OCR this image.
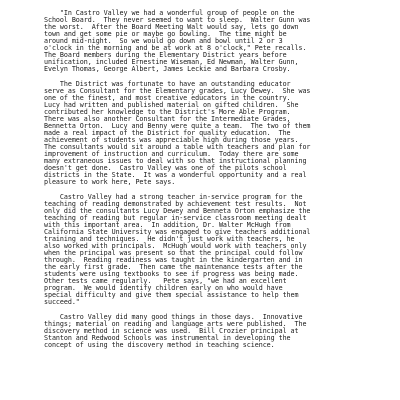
"In Castro Valley we had a wonderful group of people on the
School Board.  They never seemed to want to sleep.  Walter Gunn was
the worst.  After the Board Meeting Walt would say, lets go down
town and get some pie or maybe go bowling.  The time might be
around mid-night.  So we would go down and bowl until 2 or 3
o'clock in the morning and be at work at 8 o'clock," Pete recalls.
The Board members during the Elementary District years before
unification, included Ernestine Wiseman, Ed Newman, Walter Gunn,
Evelyn Thomas, George Albert, James Leckie and Barbara Crosby.
The District was fortunate to have an outstanding educator
serve as Consultant for the Elementary grades, Lucy Dewey.  She was
one of the finest, and most creative educators in the country.
Lucy had written and published material on gifted children.  She
contributed her knowledge to the District's More Able Program.
There was also another Consultant for the Intermediate Grades,
Bennetta Orton.  Lucy and Benny were quite a team.  The two of them
made a real impact of the District for quality education.  The
achievement of students was appreciable high during those years.
The consultants would sit around a table with teachers and plan for
improvement of instruction and curriculum.  Today there are some
many extraneous issues to deal with so that instructional planning
doesn't get done.  Castro Valley was one of the pilots school
districts in the State.  It was a wonderful opportunity and a real
pleasure to work here, Pete says.
Castro Valley had a strong teacher in-service program for the
teaching of reading demonstrated by achievement test results.  Not
only did the consultants Lucy Dewey and Benneta Orton emphasize the
teaching of reading but regular in-service classroom meeting dealt
with this important area.  In addition, Dr. Walter McHugh from
California State University was engaged to give teachers additional
training and techniques.  He didn't just work with teachers, he
also worked with principals.  McHugh would work with teachers only
when the principal was present so that the principal could follow
through.  Reading readiness was taught in the kindergarten and in
the early first grade.  Then came the maintenance tests after the
students were using textbooks to see if progress was being made.
Other tests came regularly.   Pete says, "we had an excellent
program.  We would identify children early on who would have
special difficulty and give them special assistance to help them
succeed."
Castro Valley did many good things in those days.  Innovative
things; material on reading and language arts were published.  The
discovery method in science was used.  Bill Crozier principal at
Stanton and Redwood Schools was instrumental in developing the
concept of using the discovery method in teaching science.
